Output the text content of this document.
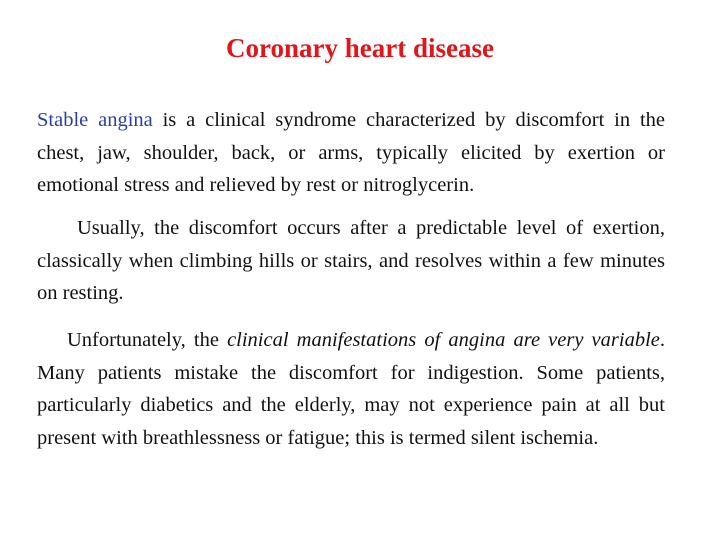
Coronary heart disease

Stable angina is a clinical syndrome characterized by discomfort in the chest, jaw, shoulder, back, or arms, typically elicited by exertion or emotional stress and relieved by rest or nitroglycerin.

Usually, the discomfort occurs after a predictable level of exertion, classically when climbing hills or stairs, and resolves within a few minutes on resting.

Unfortunately, the clinical manifestations of angina are very variable. Many patients mistake the discomfort for indigestion. Some patients, particularly diabetics and the elderly, may not experience pain at all but present with breathlessness or fatigue; this is termed silent ischemia.
